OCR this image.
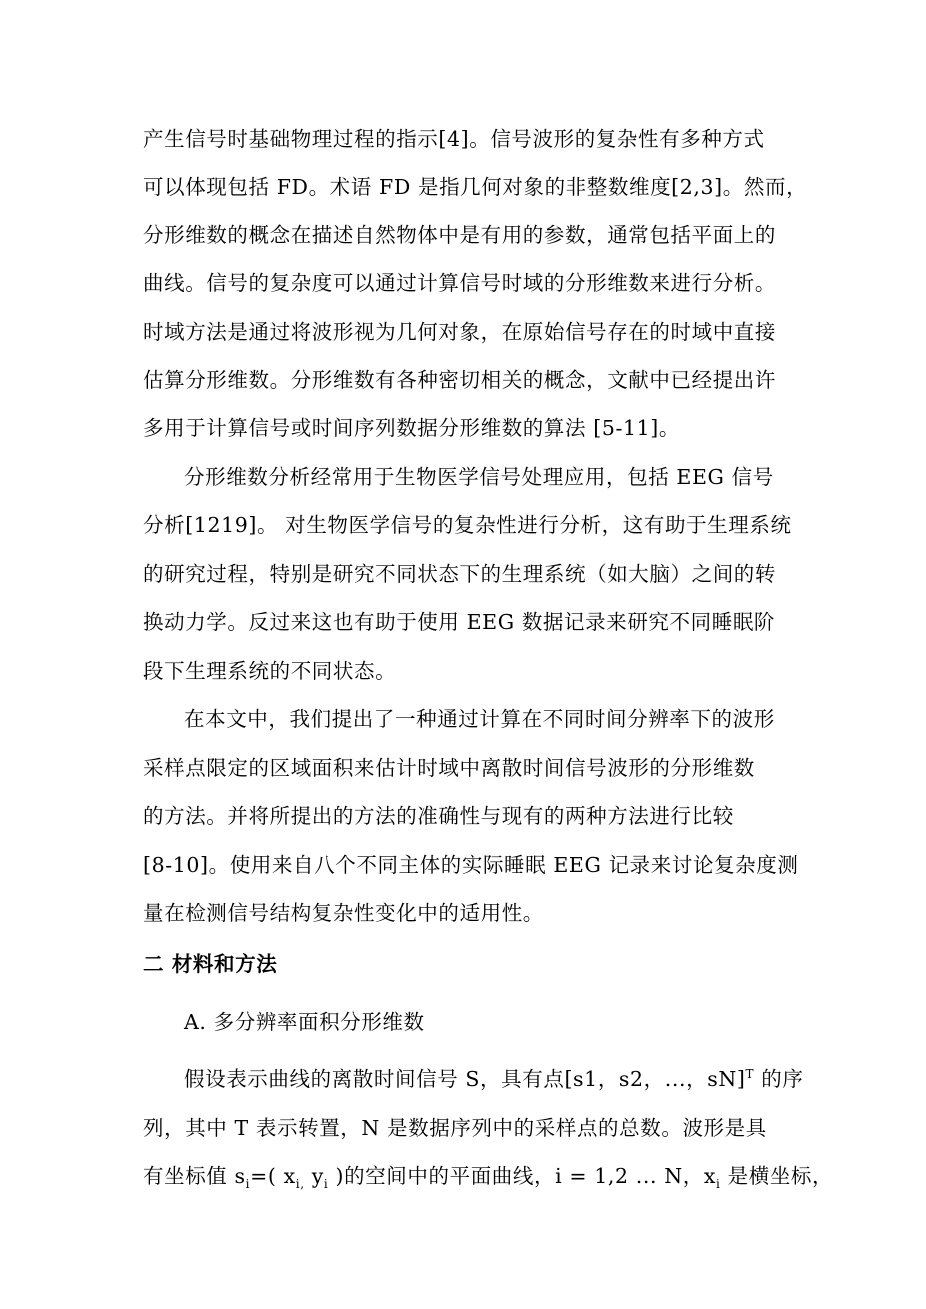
产生信号时基础物理过程的指示[4]。信号波形的复杂性有多种方式
可以体现包括 FD。术语 FD 是指几何对象的非整数维度[2,3]。然而，
分形维数的概念在描述自然物体中是有用的参数，通常包括平面上的
曲线。信号的复杂度可以通过计算信号时域的分形维数来进行分析。
时域方法是通过将波形视为几何对象，在原始信号存在的时域中直接
估算分形维数。分形维数有各种密切相关的概念，文献中已经提出许
多用于计算信号或时间序列数据分形维数的算法 [5-11]。
分形维数分析经常用于生物医学信号处理应用，包括 EEG 信号
分析[1219]。 对生物医学信号的复杂性进行分析，这有助于生理系统
的研究过程，特别是研究不同状态下的生理系统（如大脑）之间的转
换动力学。反过来这也有助于使用 EEG 数据记录来研究不同睡眠阶
段下生理系统的不同状态。
在本文中，我们提出了一种通过计算在不同时间分辨率下的波形
采样点限定的区域面积来估计时域中离散时间信号波形的分形维数
的方法。并将所提出的方法的准确性与现有的两种方法进行比较
[8-10]。使用来自八个不同主体的实际睡眠 EEG 记录来讨论复杂度测
量在检测信号结构复杂性变化中的适用性。
二 材料和方法
A. 多分辨率面积分形维数
假设表示曲线的离散时间信号 S，具有点[s1，s2，...，sN]$^T$ 的序
列，其中 T 表示转置，N 是数据序列中的采样点的总数。波形是具
有坐标值 $s_i=$( $x_{i,}$ $y_i$ )的空间中的平面曲线，i = 1,2 ... N，$x_i$ 是横坐标，
